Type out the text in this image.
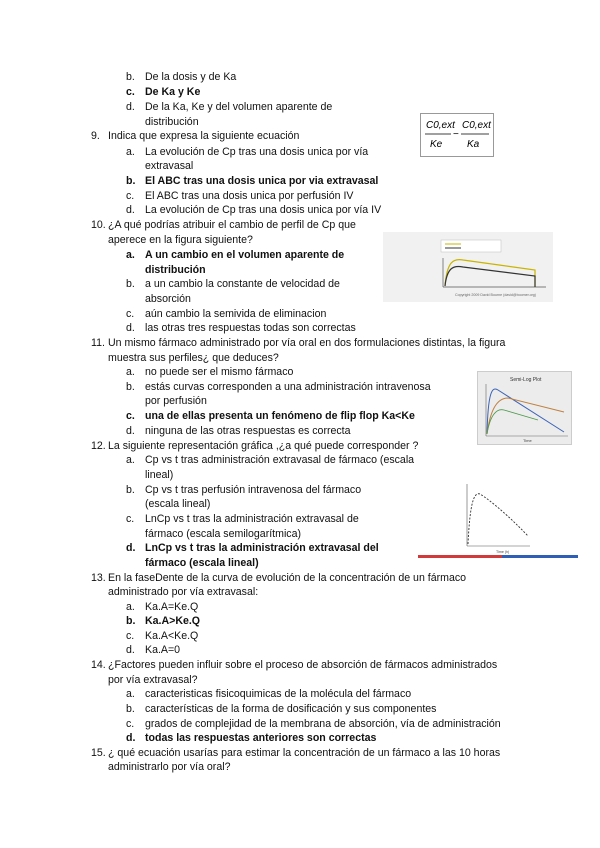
b. De la dosis y de Ka
c. De Ka y Ke
d. De la Ka, Ke y del volumen aparente de
distribución
9. Indica que expresa la siguiente ecuación
a. La evolución de Cp tras una dosis unica por vía
extravasal
b. El ABC tras una dosis unica por via extravasal
c. El ABC tras una dosis unica por perfusión IV
d. La evolución de Cp tras una dosis unica por vía IV
C0,ext
Ke
−
C0,ext
Ka
10. ¿A qué podrías atribuir el cambio de perfil de Cp que
aperece en la figura siguiente?
a. A un cambio en el volumen aparente de
distribución
b. a un cambio la constante de velocidad de
absorción
c. aún cambio la semivida de eliminacion
d. las otras tres respuestas todas son correctas
Copyright 2009 David Bourne (david@boomer.org)
11. Un mismo fármaco administrado por vía oral en dos formulaciones distintas, la figura
muestra sus perfiles¿ que deduces?
a. no puede ser el mismo fármaco
b. estás curvas corresponden a una administración intravenosa
por perfusión
c. una de ellas presenta un fenómeno de flip flop Ka<Ke
d. ninguna de las otras respuestas es correcta
Semi-Log Plot
Time
12. La siguiente representación gráfica ,¿a qué puede corresponder ?
a. Cp vs t tras administración extravasal de fármaco (escala
lineal)
b. Cp vs t tras perfusión intravenosa del fármaco
(escala lineal)
c. LnCp vs t tras la administración extravasal de
fármaco (escala semilogarítmica)
d. LnCp vs t tras la administración extravasal del
fármaco (escala lineal)
Time (h)
13. En la faseDente de la curva de evolución de la concentración de un fármaco
administrado por vía extravasal:
a. Ka.A=Ke.Q
b. Ka.A>Ke.Q
c. Ka.A<Ke.Q
d. Ka.A=0
14. ¿Factores pueden influir sobre el proceso de absorción de fármacos administrados
por vía extravasal?
a. caracteristicas fisicoquimicas de la molécula del fármaco
b. características de la forma de dosificación y sus componentes
c. grados de complejidad de la membrana de absorción, vía de administración
d. todas las respuestas anteriores son correctas
15. ¿ qué ecuación usarías para estimar la concentración de un fármaco a las 10 horas
administrarlo por vía oral?
